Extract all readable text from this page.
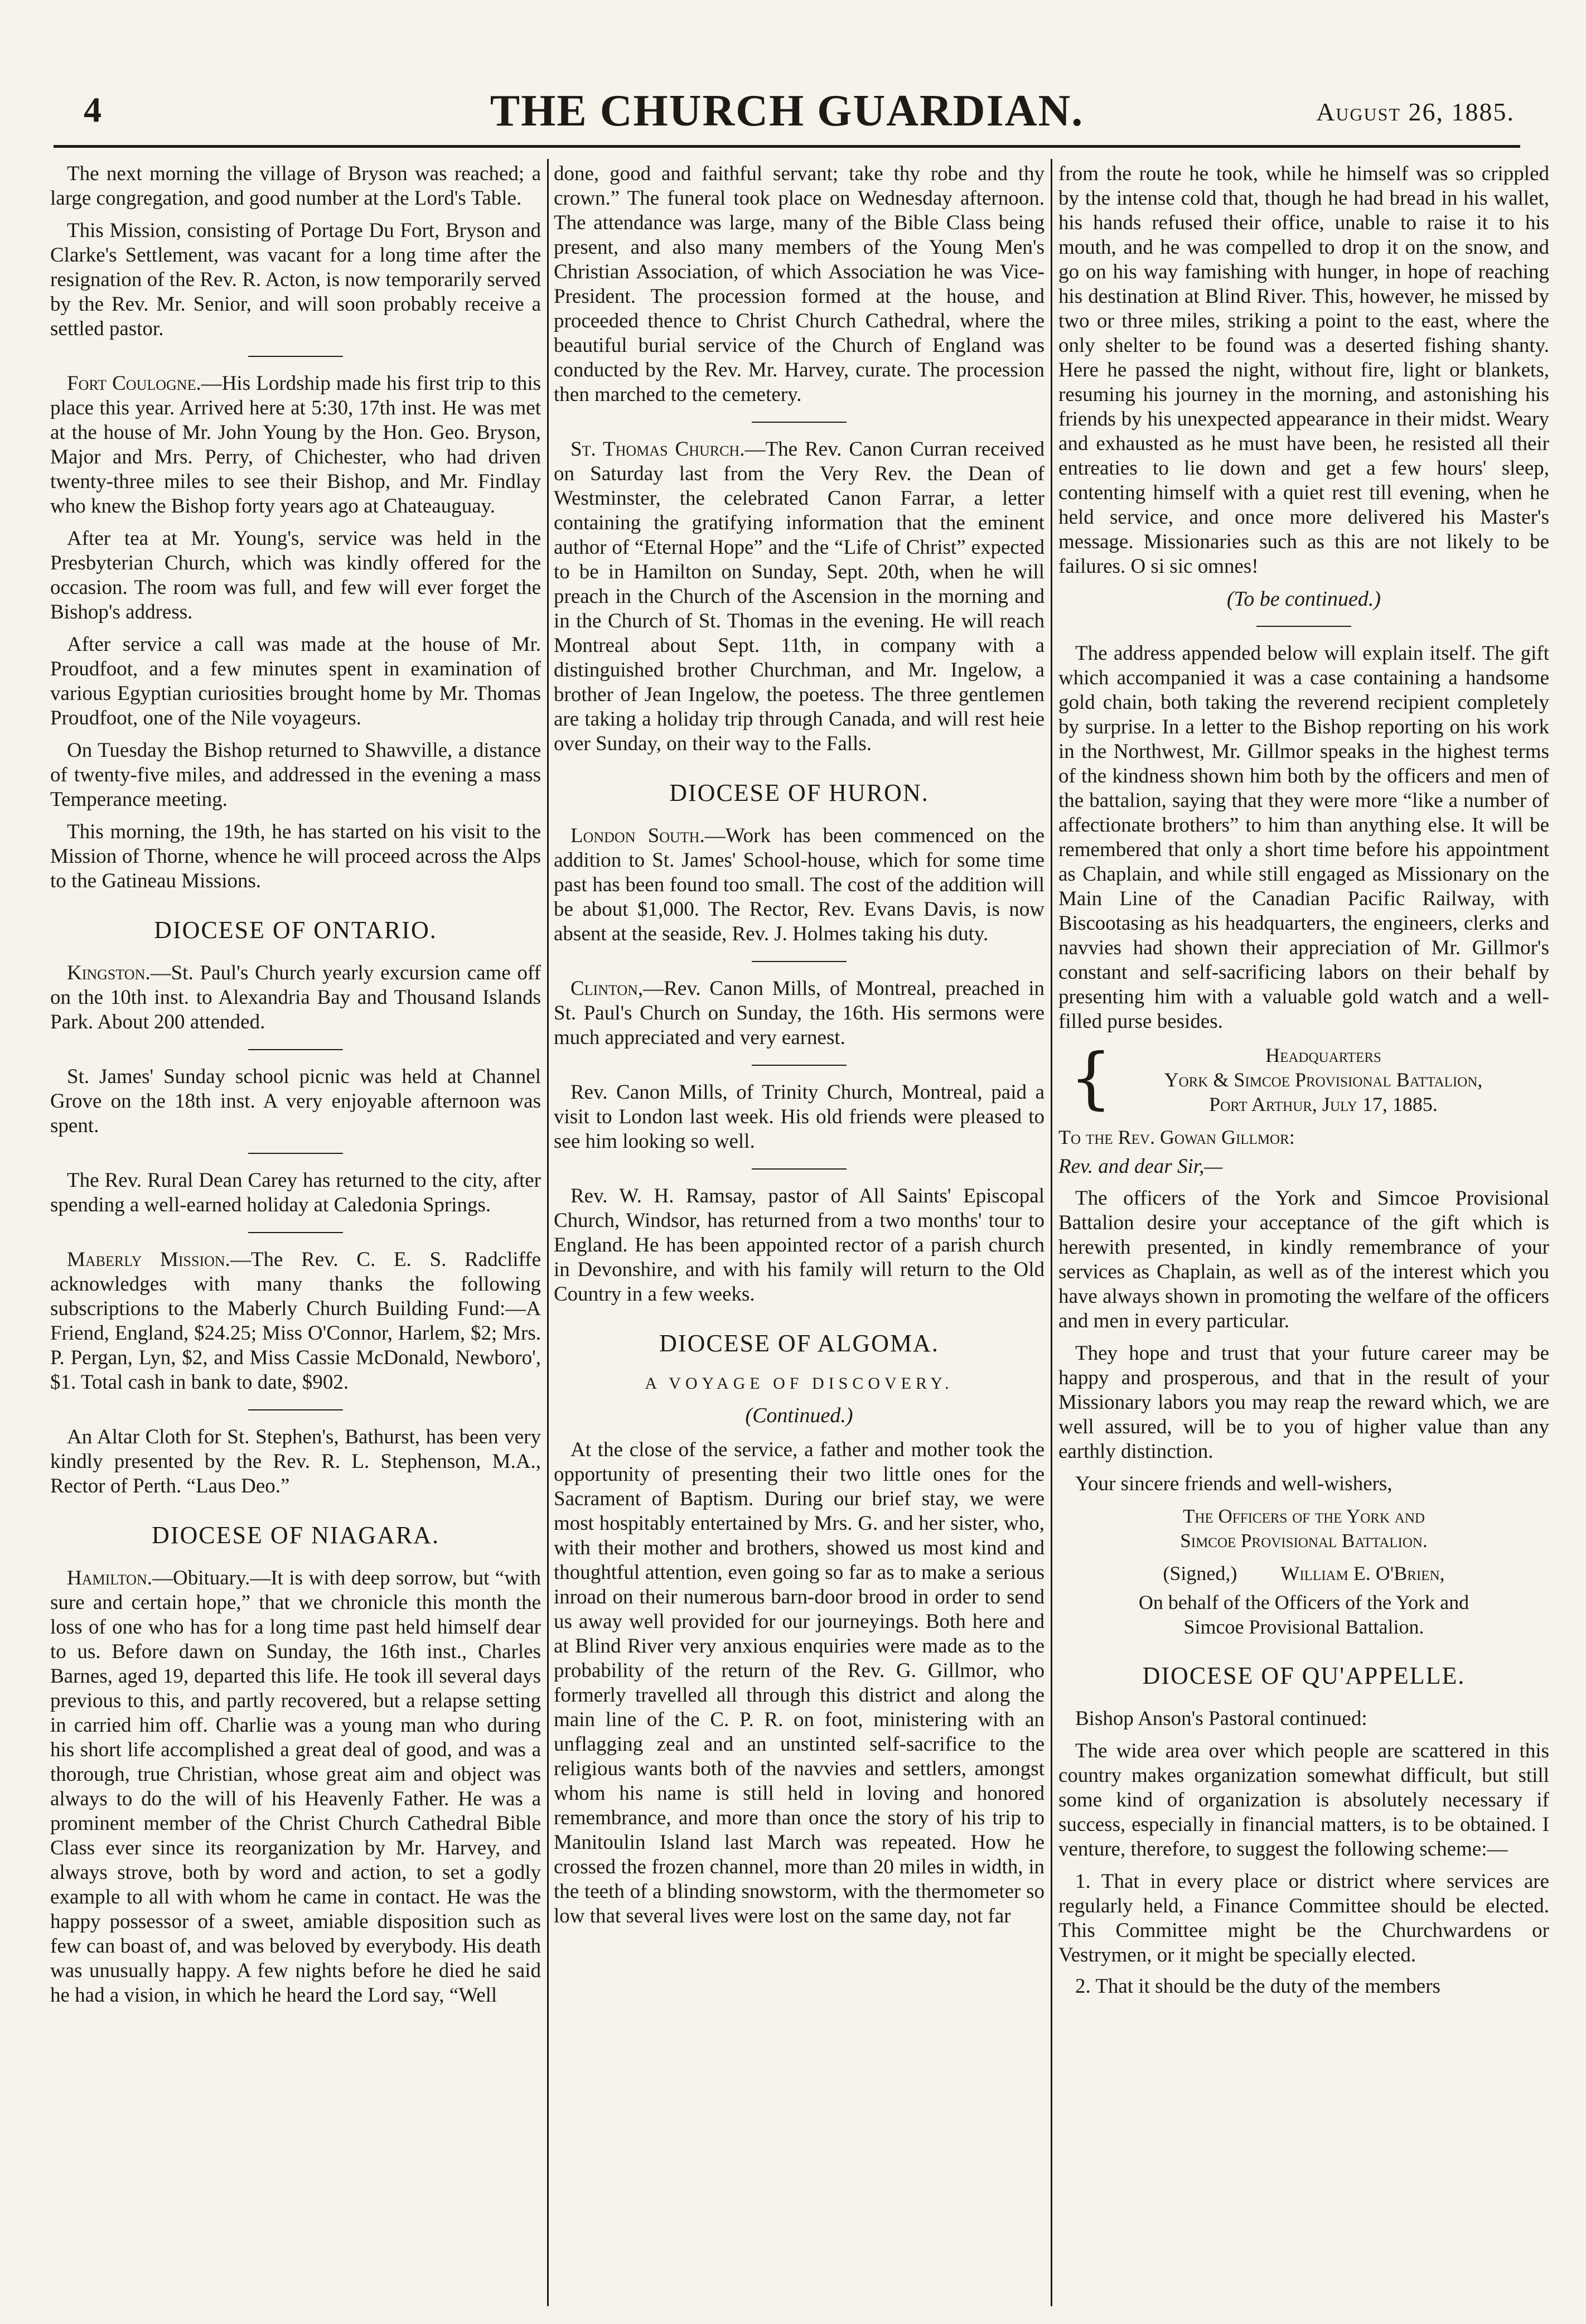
4	THE CHURCH GUARDIAN.	August 26, 1885.

The next morning the village of Bryson was reached; a large congregation, and good number at the Lord's Table.

This Mission, consisting of Portage Du Fort, Bryson and Clarke's Settlement, was vacant for a long time after the resignation of the Rev. R. Acton, is now temporarily served by the Rev. Mr. Senior, and will soon probably receive a settled pastor.

Fort Coulogne.—His Lordship made his first trip to this place this year. Arrived here at 5:30, 17th inst. He was met at the house of Mr. John Young by the Hon. Geo. Bryson, Major and Mrs. Perry, of Chichester, who had driven twenty-three miles to see their Bishop, and Mr. Findlay who knew the Bishop forty years ago at Chateauguay.

After tea at Mr. Young's, service was held in the Presbyterian Church, which was kindly offered for the occasion. The room was full, and few will ever forget the Bishop's address.

After service a call was made at the house of Mr. Proudfoot, and a few minutes spent in examination of various Egyptian curiosities brought home by Mr. Thomas Proudfoot, one of the Nile voyageurs.

On Tuesday the Bishop returned to Shawville, a distance of twenty-five miles, and addressed in the evening a mass Temperance meeting.

This morning, the 19th, he has started on his visit to the Mission of Thorne, whence he will proceed across the Alps to the Gatineau Missions.

DIOCESE OF ONTARIO.

Kingston.—St. Paul's Church yearly excursion came off on the 10th inst. to Alexandria Bay and Thousand Islands Park. About 200 attended.

St. James' Sunday school picnic was held at Channel Grove on the 18th inst. A very enjoyable afternoon was spent.

The Rev. Rural Dean Carey has returned to the city, after spending a well-earned holiday at Caledonia Springs.

Maberly Mission.—The Rev. C. E. S. Radcliffe acknowledges with many thanks the following subscriptions to the Maberly Church Building Fund:—A Friend, England, $24.25; Miss O'Connor, Harlem, $2; Mrs. P. Pergan, Lyn, $2, and Miss Cassie McDonald, Newboro', $1. Total cash in bank to date, $902.

An Altar Cloth for St. Stephen's, Bathurst, has been very kindly presented by the Rev. R. L. Stephenson, M.A., Rector of Perth. “Laus Deo.”

DIOCESE OF NIAGARA.

Hamilton.—Obituary.—It is with deep sorrow, but “with sure and certain hope,” that we chronicle this month the loss of one who has for a long time past held himself dear to us. Before dawn on Sunday, the 16th inst., Charles Barnes, aged 19, departed this life. He took ill several days previous to this, and partly recovered, but a relapse setting in carried him off. Charlie was a young man who during his short life accomplished a great deal of good, and was a thorough, true Christian, whose great aim and object was always to do the will of his Heavenly Father. He was a prominent member of the Christ Church Cathedral Bible Class ever since its reorganization by Mr. Harvey, and always strove, both by word and action, to set a godly example to all with whom he came in contact. He was the happy possessor of a sweet, amiable disposition such as few can boast of, and was beloved by everybody. His death was unusually happy. A few nights before he died he said he had a vision, in which he heard the Lord say, “Well

done, good and faithful servant; take thy robe and thy crown.” The funeral took place on Wednesday afternoon. The attendance was large, many of the Bible Class being present, and also many members of the Young Men's Christian Association, of which Association he was Vice-President. The procession formed at the house, and proceeded thence to Christ Church Cathedral, where the beautiful burial service of the Church of England was conducted by the Rev. Mr. Harvey, curate. The procession then marched to the cemetery.

St. Thomas Church.—The Rev. Canon Curran received on Saturday last from the Very Rev. the Dean of Westminster, the celebrated Canon Farrar, a letter containing the gratifying information that the eminent author of “Eternal Hope” and the “Life of Christ” expected to be in Hamilton on Sunday, Sept. 20th, when he will preach in the Church of the Ascension in the morning and in the Church of St. Thomas in the evening. He will reach Montreal about Sept. 11th, in company with a distinguished brother Churchman, and Mr. Ingelow, a brother of Jean Ingelow, the poetess. The three gentlemen are taking a holiday trip through Canada, and will rest heie over Sunday, on their way to the Falls.

DIOCESE OF HURON.

London South.—Work has been commenced on the addition to St. James' School-house, which for some time past has been found too small. The cost of the addition will be about $1,000. The Rector, Rev. Evans Davis, is now absent at the seaside, Rev. J. Holmes taking his duty.

Clinton,—Rev. Canon Mills, of Montreal, preached in St. Paul's Church on Sunday, the 16th. His sermons were much appreciated and very earnest.

Rev. Canon Mills, of Trinity Church, Montreal, paid a visit to London last week. His old friends were pleased to see him looking so well.

Rev. W. H. Ramsay, pastor of All Saints' Episcopal Church, Windsor, has returned from a two months' tour to England. He has been appointed rector of a parish church in Devonshire, and with his family will return to the Old Country in a few weeks.

DIOCESE OF ALGOMA.
A VOYAGE OF DISCOVERY.
(Continued.)

At the close of the service, a father and mother took the opportunity of presenting their two little ones for the Sacrament of Baptism. During our brief stay, we were most hospitably entertained by Mrs. G. and her sister, who, with their mother and brothers, showed us most kind and thoughtful attention, even going so far as to make a serious inroad on their numerous barn-door brood in order to send us away well provided for our journeyings. Both here and at Blind River very anxious enquiries were made as to the probability of the return of the Rev. G. Gillmor, who formerly travelled all through this district and along the main line of the C. P. R. on foot, ministering with an unflagging zeal and an unstinted self-sacrifice to the religious wants both of the navvies and settlers, amongst whom his name is still held in loving and honored remembrance, and more than once the story of his trip to Manitoulin Island last March was repeated. How he crossed the frozen channel, more than 20 miles in width, in the teeth of a blinding snowstorm, with the thermometer so low that several lives were lost on the same day, not far

from the route he took, while he himself was so crippled by the intense cold that, though he had bread in his wallet, his hands refused their office, unable to raise it to his mouth, and he was compelled to drop it on the snow, and go on his way famishing with hunger, in hope of reaching his destination at Blind River. This, however, he missed by two or three miles, striking a point to the east, where the only shelter to be found was a deserted fishing shanty. Here he passed the night, without fire, light or blankets, resuming his journey in the morning, and astonishing his friends by his unexpected appearance in their midst. Weary and exhausted as he must have been, he resisted all their entreaties to lie down and get a few hours' sleep, contenting himself with a quiet rest till evening, when he held service, and once more delivered his Master's message. Missionaries such as this are not likely to be failures. O si sic omnes!

(To be continued.)

The address appended below will explain itself. The gift which accompanied it was a case containing a handsome gold chain, both taking the reverend recipient completely by surprise. In a letter to the Bishop reporting on his work in the Northwest, Mr. Gillmor speaks in the highest terms of the kindness shown him both by the officers and men of the battalion, saying that they were more “like a number of affectionate brothers” to him than anything else. It will be remembered that only a short time before his appointment as Chaplain, and while still engaged as Missionary on the Main Line of the Canadian Pacific Railway, with Biscootasing as his headquarters, the engineers, clerks and navvies had shown their appreciation of Mr. Gillmor's constant and self-sacrificing labors on their behalf by presenting him with a valuable gold watch and a well-filled purse besides.

{	Headquarters
York & Simcoe Provisional Battalion,
Port Arthur, July 17, 1885.
To the Rev. Gowan Gillmor:
Rev. and dear Sir,—

The officers of the York and Simcoe Provisional Battalion desire your acceptance of the gift which is herewith presented, in kindly remembrance of your services as Chaplain, as well as of the interest which you have always shown in promoting the welfare of the officers and men in every particular.

They hope and trust that your future career may be happy and prosperous, and that in the result of your Missionary labors you may reap the reward which, we are well assured, will be to you of higher value than any earthly distinction.

Your sincere friends and well-wishers,

The Officers of the York and
Simcoe Provisional Battalion.
(Signed,) William E. O'Brien,
On behalf of the Officers of the York and
Simcoe Provisional Battalion.
DIOCESE OF QU'APPELLE.

Bishop Anson's Pastoral continued:

The wide area over which people are scattered in this country makes organization somewhat difficult, but still some kind of organization is absolutely necessary if success, especially in financial matters, is to be obtained. I venture, therefore, to suggest the following scheme:—

1. That in every place or district where services are regularly held, a Finance Committee should be elected. This Committee might be the Churchwardens or Vestrymen, or it might be specially elected.

2. That it should be the duty of the members
